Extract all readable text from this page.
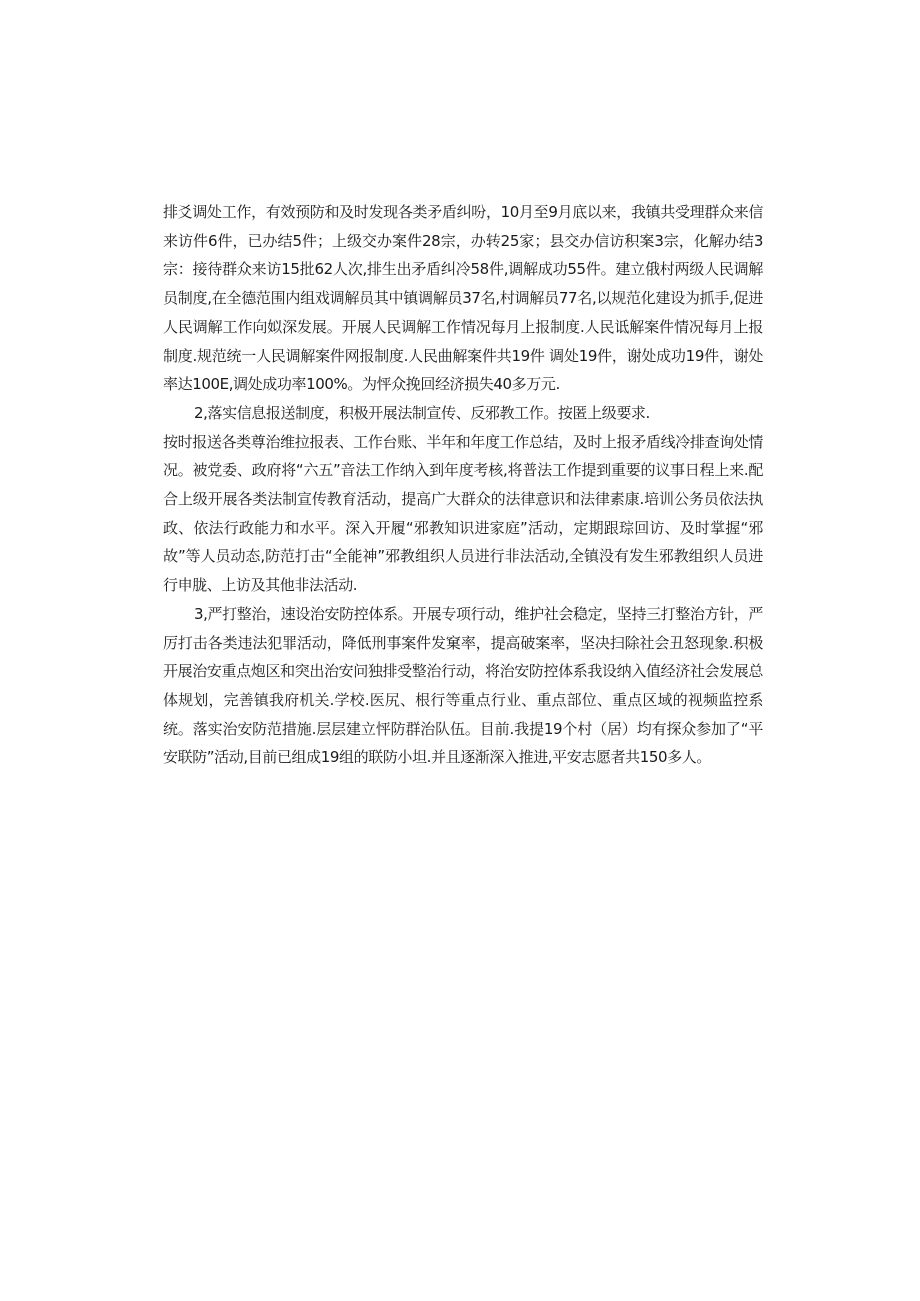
排爻调处工作，有效预防和及时发现各类矛盾纠吩，10月至9月底以来，我镇共受理群众来信来访件6件，已办结5件；上级交办案件28宗，办转25家；县交办信访积案3宗，化解办结3宗：接待群众来访15批62人次,排生出矛盾纠冷58件,调解成功55件。建立俄村两级人民调解员制度,在全德范围内组戏调解员其中镇调解员37名,村调解员77名,以规范化建设为抓手,促进人民调解工作向姒深发展。开展人民调解工作情况每月上报制度.人民诋解案件情况每月上报制度.规范统一人民调解案件网报制度.人民曲解案件共19件 调处19件，谢处成功19件，谢处率达100E,调处成功率100%。为怦众挽回经济损失40多万元.

2,落实信息报送制度，积极开展法制宣传、反邪教工作。按匿上级要求.

按时报送各类尊治维拉报表、工作台账、半年和年度工作总结，及时上报矛盾线冷排查询处情况。被党委、政府将“六五”音法工作纳入到年度考核,将普法工作提到重要的议事日程上来.配合上级开展各类法制宣传教育活动，提高广大群众的法律意识和法律素康.培训公务员依法执政、依法行政能力和水平。深入开履“邪教知识进家庭”活动，定期跟琮回访、及时掌握“邪故”等人员动态,防范打击“全能神”邪教组织人员进行非法活动,全镇没有发生邪教组织人员进行申胧、上访及其他非法活动.

3,严打整治，速设治安防控体系。开展专项行动，维护社会稳定，坚持三打整治方针，严厉打击各类违法犯罪活动，降低刑事案件发窠率，提高破案率，坚决扫除社会丑怒现象.积极开展治安重点炮区和突出治安问独排受整治行动，将治安防控体系我设纳入值经济社会发展总体规划，完善镇我府机关.学校.医尻、根行等重点行业、重点部位、重点区域的视频监控系统。落实治安防范措施.层层建立怦防群治队伍。目前.我提19个村（居）均有探众参加了“平安联防”活动,目前已组成19组的联防小坦.并且逐渐深入推进,平安志愿者共150多人。
